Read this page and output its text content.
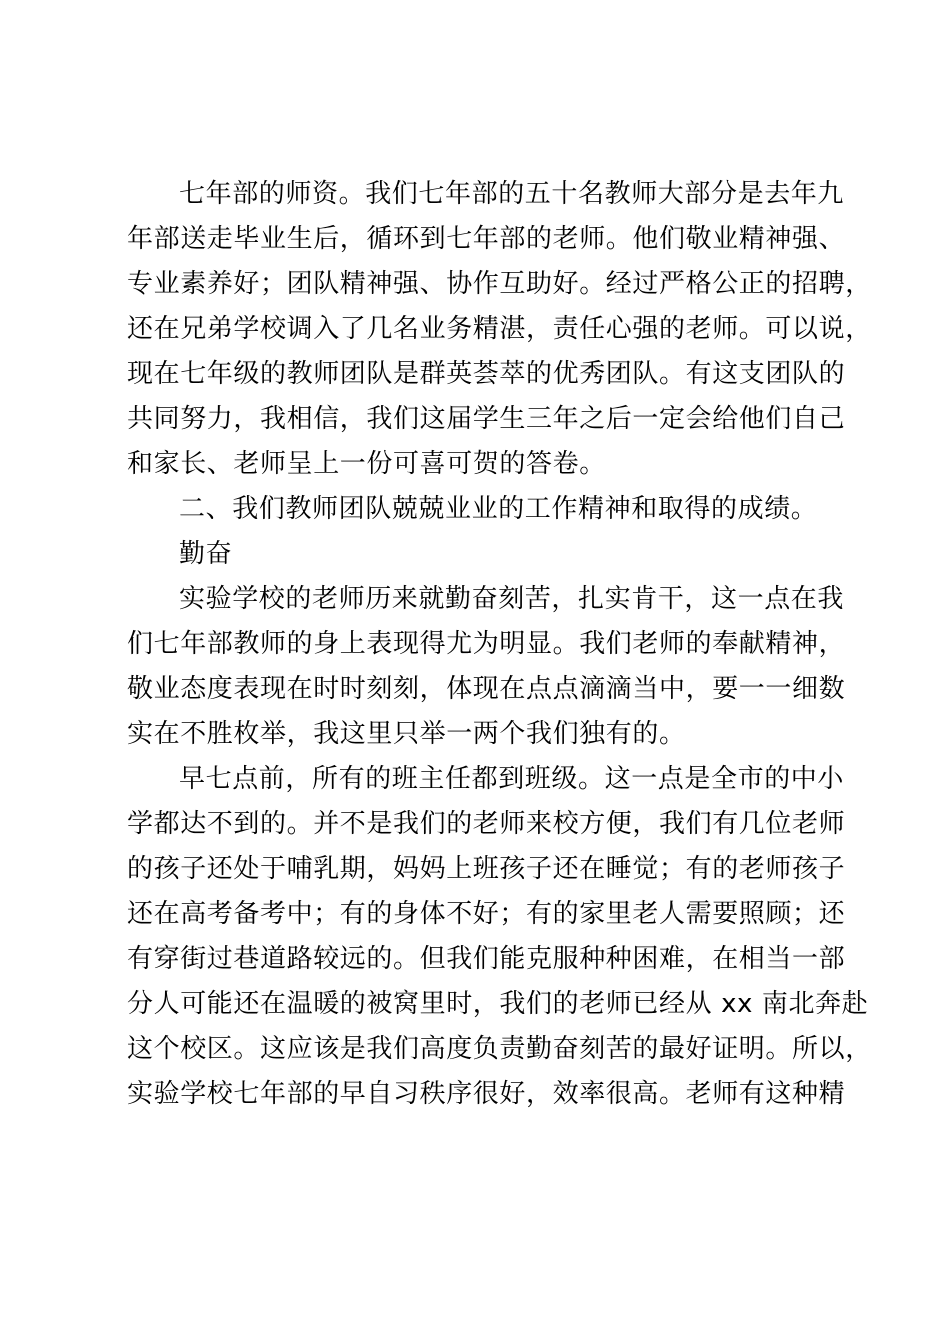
七年部的师资。我们七年部的五十名教师大部分是去年九
年部送走毕业生后，循环到七年部的老师。他们敬业精神强、
专业素养好；团队精神强、协作互助好。经过严格公正的招聘，
还在兄弟学校调入了几名业务精湛，责任心强的老师。可以说，
现在七年级的教师团队是群英荟萃的优秀团队。有这支团队的
共同努力，我相信，我们这届学生三年之后一定会给他们自己
和家长、老师呈上一份可喜可贺的答卷。
二、我们教师团队兢兢业业的工作精神和取得的成绩。
勤奋
实验学校的老师历来就勤奋刻苦，扎实肯干，这一点在我
们七年部教师的身上表现得尤为明显。我们老师的奉献精神，
敬业态度表现在时时刻刻，体现在点点滴滴当中，要一一细数
实在不胜枚举，我这里只举一两个我们独有的。
早七点前，所有的班主任都到班级。这一点是全市的中小
学都达不到的。并不是我们的老师来校方便，我们有几位老师
的孩子还处于哺乳期，妈妈上班孩子还在睡觉；有的老师孩子
还在高考备考中；有的身体不好；有的家里老人需要照顾；还
有穿街过巷道路较远的。但我们能克服种种困难，在相当一部
分人可能还在温暖的被窝里时，我们的老师已经从 xx 南北奔赴
这个校区。这应该是我们高度负责勤奋刻苦的最好证明。所以，
实验学校七年部的早自习秩序很好，效率很高。老师有这种精
